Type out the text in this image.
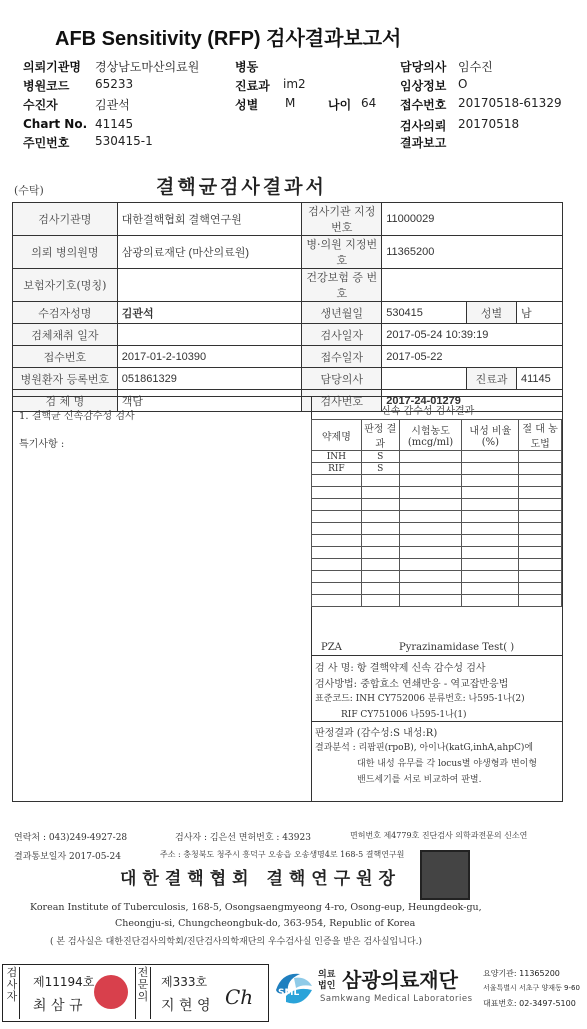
AFB Sensitivity (RFP) 검사결과보고서
의뢰기관명 경상남도마산의료원	병동	담당의사 임수진
병원코드 65233	진료과 im2	임상정보 O
수진자	김관석	성별 M	나이 64 접수번호 20170518-61329
Chart No. 41145	검사의뢰 20170518
주민번호 530415-1	결과보고
(수탁)	결핵균검사결과서
검사기관명	대한결핵협회 결핵연구원	검사기관 지정번호	11000029		
의뢰 병의원명	삼광의료재단 (마산의료원)	병·의원 지정번호	11365200		
보험자기호(명칭)		건강보험 증 번 호			
수검자성명	김관석	생년월일	530415	성별	남
검체채취 일자		검사일자	2017-05-24 10:39:19		
접수번호	2017-01-2-10390	접수일자	2017-05-22		
병원환자 등록번호	051861329	담당의사		진료과	41145
검 체 명	객담	검사번호	2017-24-01279		
1. 결핵균 신속감수성 검사
특기사항 :
신속 감수성 검사결과
약제명	판정 결과	시험농도 (mcg/ml)	내성 비율(%)	절 대 농도법
INH	S			
RIF	S			

PZA	Pyrazinamidase Test( )
검 사 명: 항 결핵약제 신속 감수성 검사
검사방법: 중합효소 연쇄반응 - 역교잡반응법
표준코드: INH CY752006 분류번호: 나595-1나(2)
RIF CY751006 나595-1나(1)
판정결과 (감수성:S 내성:R)
결과분석 : 리팜핀(rpoB), 아이나(katG,inhA,ahpC)에
대한 내성 유무를 각 locus별 야생형과 변이형
밴드세기를 서로 비교하여 판별.
연락처 : 043)249-4927-28	검사자 : 김은선 면허번호 : 43923	면허번호 제4779호 진단검사 의학과전문의 신소연
결과통보일자 2017-05-24	주소 : 충청북도 청주시 흥덕구 오송읍 오송생명4로 168-5 결핵연구원
대한결핵협회 결핵연구원장
Korean Institute of Tuberculosis, 168-5, Osongsaengmyeong 4-ro, Osong-eup, Heungdeok-gu,
Cheongju-si, Chungcheongbuk-do, 363-954, Republic of Korea
( 본 검사실은 대한진단검사의학회/진단검사의학재단의 우수검사실 인증을 받은 검사실입니다.)
검사자
제11194호
최 삼 규
전문의
제333호
지 현 영 Ch	SML
의료법인 삼광의료재단
Samkwang Medical Laboratories
요양기관: 11365200
서울특별시 서초구 양재동 9-60
대표번호: 02-3497-5100
